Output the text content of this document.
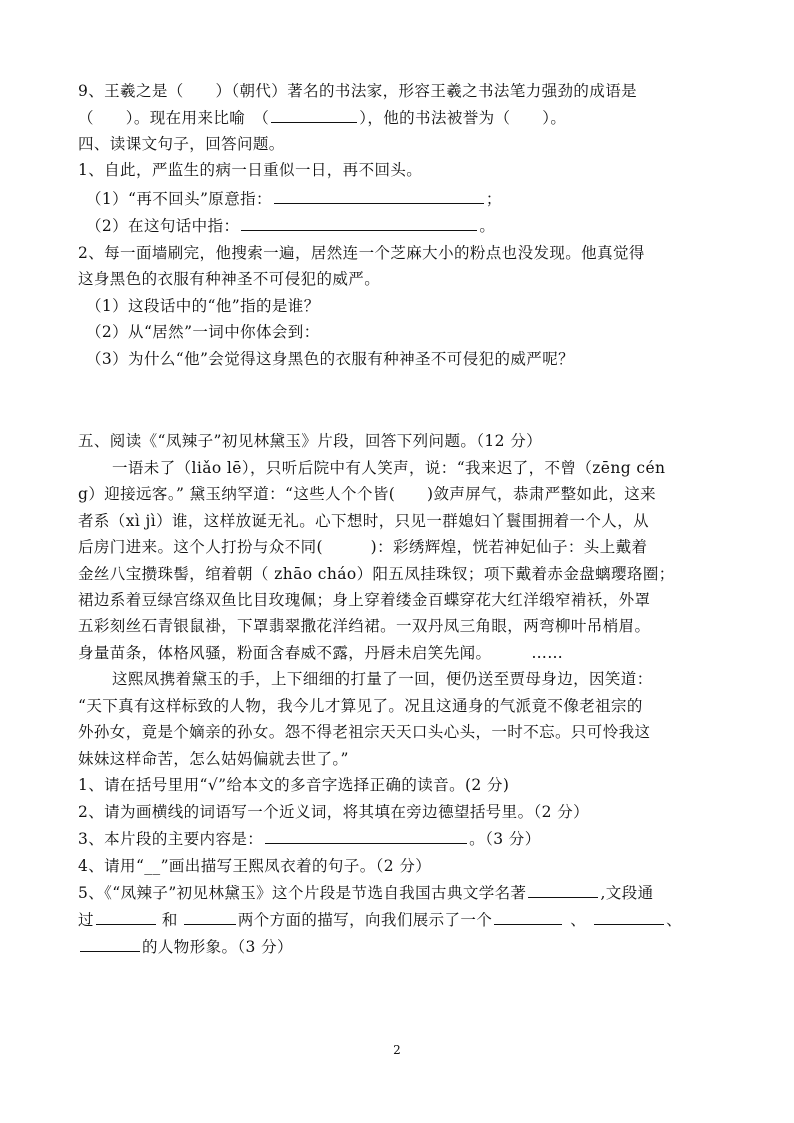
9、王羲之是（　　）（朝代）著名的书法家，形容王羲之书法笔力强劲的成语是
（　　）。现在用来比喻　（	），他的书法被誉为（　　）。
四、读课文句子，回答问题。
1、自此，严监生的病一日重似一日，再不回头。
（1）“再不回头”原意指：	；
（2）在这句话中指：	。
2、每一面墙刷完，他搜索一遍，居然连一个芝麻大小的粉点也没发现。他真觉得
这身黑色的衣服有种神圣不可侵犯的威严。
（1）这段话中的“他”指的是谁？
（2）从“居然”一词中你体会到：
（3）为什么“他”会觉得这身黑色的衣服有种神圣不可侵犯的威严呢？
五、阅读《“凤辣子”初见林黛玉》片段，回答下列问题。（12 分）
一语未了（liǎo lē），只听后院中有人笑声，说：“我来迟了，不曾（zēng cén
g）迎接远客。” 黛玉纳罕道：“这些人个个皆(　　)敛声屏气，恭肃严整如此，这来
者系（xì jì）谁，这样放诞无礼。心下想时，只见一群媳妇丫鬟围拥着一个人，从
后房门进来。这个人打扮与众不同(　　　)：彩绣辉煌，恍若神妃仙子：头上戴着
金丝八宝攒珠髻，绾着朝（ zhāo cháo）阳五凤挂珠钗；项下戴着赤金盘螭璎珞圈；
裙边系着豆绿宫绦双鱼比目玫瑰佩；身上穿着缕金百蝶穿花大红洋缎窄褃袄，外罩
五彩刻丝石青银鼠褂，下罩翡翠撒花洋绉裙。一双丹凤三角眼，两弯柳叶吊梢眉。
身量苗条，体格风骚，粉面含春威不露，丹唇未启笑先闻。　　　……
这熙凤携着黛玉的手，上下细细的打量了一回，便仍送至贾母身边，因笑道：
“天下真有这样标致的人物，我今儿才算见了。况且这通身的气派竟不像老祖宗的
外孙女，竟是个嫡亲的孙女。怨不得老祖宗天天口头心头，一时不忘。只可怜我这
妹妹这样命苦，怎么姑妈偏就去世了。”
1、请在括号里用“√”给本文的多音字选择正确的读音。(2 分)
2、请为画横线的词语写一个近义词，将其填在旁边德望括号里。（2 分）
3、本片段的主要内容是：	。（3 分）
4、请用“__”画出描写王熙凤衣着的句子。（2 分）
5、《“凤辣子”初见林黛玉》这个片段是节选自我国古典文学名著	,文段通
过	和	两个方面的描写，向我们展示了一个	、	、
的人物形象。（3 分）
2
